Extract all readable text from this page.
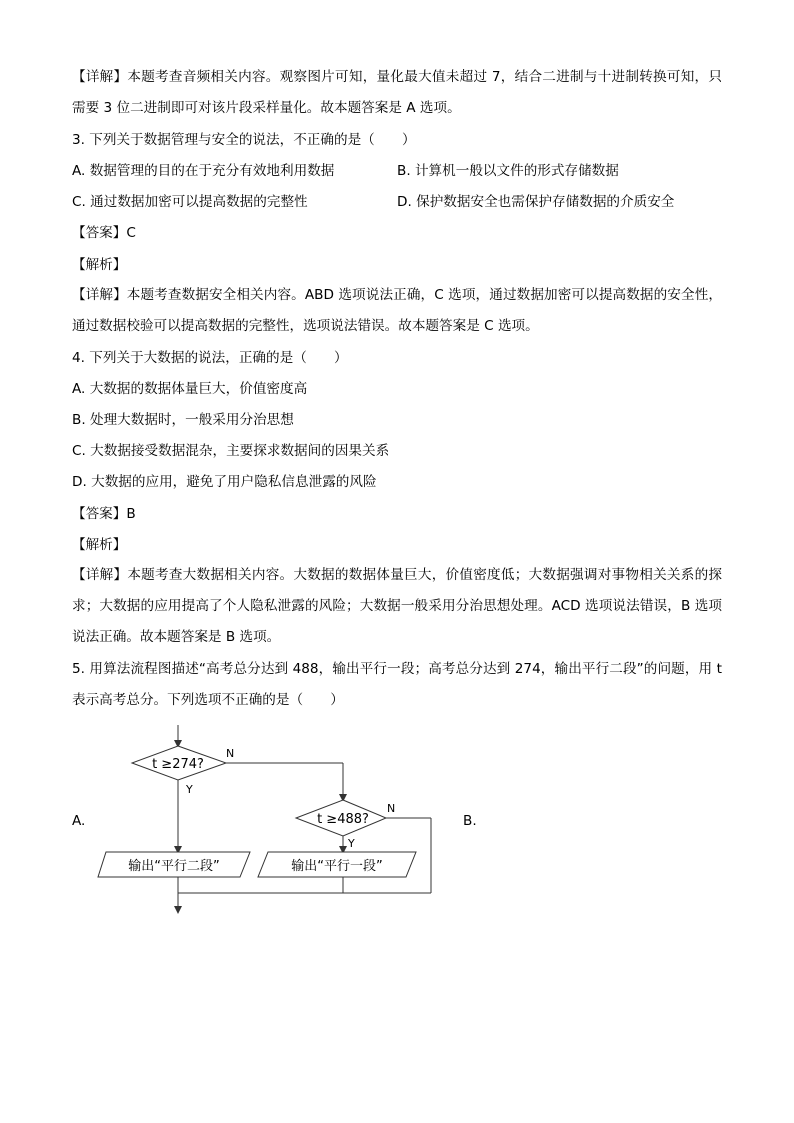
【详解】本题考查音频相关内容。观察图片可知，量化最大值未超过 7，结合二进制与十进制转换可知，只需要 3 位二进制即可对该片段采样量化。故本题答案是 A 选项。
3. 下列关于数据管理与安全的说法，不正确的是（　　）
A. 数据管理的目的在于充分有效地利用数据	B. 计算机一般以文件的形式存储数据
C. 通过数据加密可以提高数据的完整性	D. 保护数据安全也需保护存储数据的介质安全
【答案】C
【解析】
【详解】本题考查数据安全相关内容。ABD 选项说法正确，C 选项，通过数据加密可以提高数据的安全性，通过数据校验可以提高数据的完整性，选项说法错误。故本题答案是 C 选项。
4. 下列关于大数据的说法，正确的是（　　）
A. 大数据的数据体量巨大，价值密度高
B. 处理大数据时，一般采用分治思想
C. 大数据接受数据混杂，主要探求数据间的因果关系
D. 大数据的应用，避免了用户隐私信息泄露的风险
【答案】B
【解析】
【详解】本题考查大数据相关内容。大数据的数据体量巨大，价值密度低；大数据强调对事物相关关系的探求；大数据的应用提高了个人隐私泄露的风险；大数据一般采用分治思想处理。ACD 选项说法错误，B 选项说法正确。故本题答案是 B 选项。
5. 用算法流程图描述“高考总分达到 488，输出平行一段；高考总分达到 274，输出平行二段”的问题，用 t 表示高考总分。下列选项不正确的是（　　）
A.	B.
t ≥274?
t ≥488?
N
Y
N
Y
输出“平行二段”	输出“平行一段”
